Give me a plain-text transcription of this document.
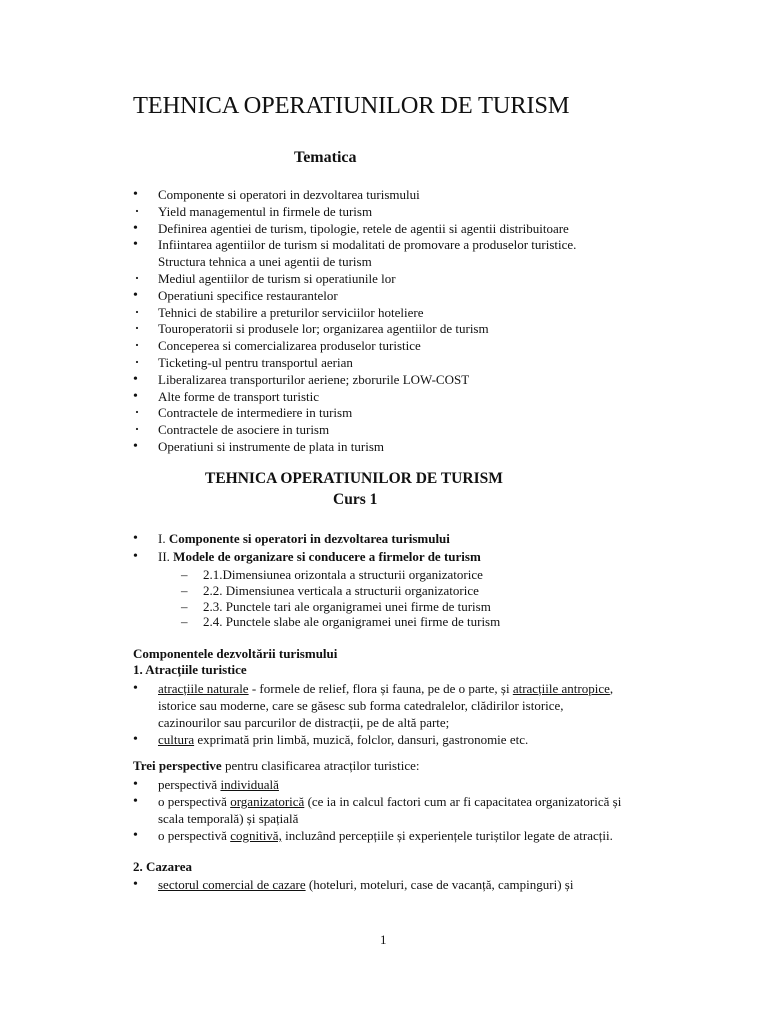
TEHNICA OPERATIUNILOR DE TURISM
Tematica
• Componente si operatori in dezvoltarea turismului
· Yield managementul in firmele de turism
• Definirea agentiei de turism, tipologie, retele de agentii si agentii distribuitoare
• Infiintarea agentiilor de turism si modalitati de promovare a produselor turistice.
Structura tehnica a unei agentii de turism
· Mediul agentiilor de turism si operatiunile lor
• Operatiuni specifice restaurantelor
· Tehnici de stabilire a preturilor serviciilor hoteliere
· Touroperatorii si produsele lor; organizarea agentiilor de turism
· Conceperea si comercializarea produselor turistice
· Ticketing-ul pentru transportul aerian
• Liberalizarea transporturilor aeriene; zborurile LOW-COST
• Alte forme de transport turistic
· Contractele de intermediere in turism
· Contractele de asociere in turism
• Operatiuni si instrumente de plata in turism
TEHNICA OPERATIUNILOR DE TURISM
Curs 1
• I. Componente si operatori in dezvoltarea turismului
• II. Modele de organizare si conducere a firmelor de turism
– 2.1.Dimensiunea orizontala a structurii organizatorice
– 2.2. Dimensiunea verticala a structurii organizatorice
– 2.3. Punctele tari ale organigramei unei firme de turism
– 2.4. Punctele slabe ale organigramei unei firme de turism
Componentele dezvoltării turismului
1. Atracțiile turistice
• atracțiile naturale - formele de relief, flora și fauna, pe de o parte, și atracțiile antropice,
istorice sau moderne, care se găsesc sub forma catedralelor, clădirilor istorice,
cazinourilor sau parcurilor de distracții, pe de altă parte;
• cultura exprimată prin limbă, muzică, folclor, dansuri, gastronomie etc.
Trei perspective pentru clasificarea atracților turistice:
• perspectivă individuală
• o perspectivă organizatorică (ce ia in calcul factori cum ar fi capacitatea organizatorică și
scala temporală) și spațială
• o perspectivă cognitivă, incluzând percepțiile și experiențele turiștilor legate de atracții.
2. Cazarea
• sectorul comercial de cazare (hoteluri, moteluri, case de vacanță, campinguri) și
1
